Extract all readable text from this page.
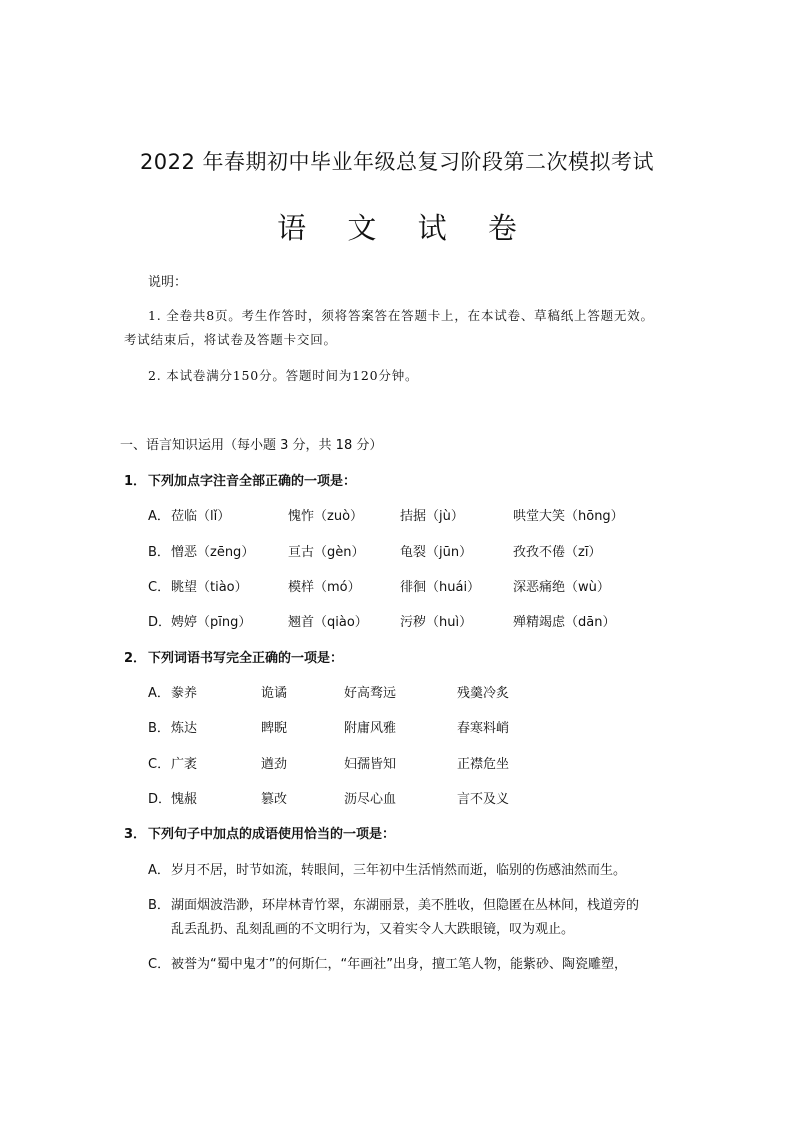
2022 年春期初中毕业年级总复习阶段第二次模拟考试
语 文 试 卷
说明：
1. 全卷共8页。考生作答时，须将答案答在答题卡上，在本试卷、草稿纸上答题无效。
考试结束后，将试卷及答题卡交回。
2. 本试卷满分150分。答题时间为120分钟。
一、语言知识运用（每小题 3 分，共 18 分）
1． 下列加点字注音全部正确的一项是：
A． 莅临（lǐ）	愧怍（zuò）	拮据（jù）	哄堂大笑（hōng）
B． 憎恶（zēng）	亘古（gèn）	龟裂（jūn）	孜孜不倦（zī）
C． 眺望（tiào）	模样（mó）	徘徊（huái）	深恶痛绝（wù）
D． 娉婷（pīng）	翘首（qiào） 污秽（huì）	殚精竭虑（dān）
2． 下列词语书写完全正确的一项是：
A． 豢养	诡谲	好高骛远	残羹冷炙
B． 炼达	睥睨	附庸风雅	春寒料峭
C． 广袤	遒劲	妇孺皆知	正襟危坐
D． 愧赧	篡改	沥尽心血	言不及义
3． 下列句子中加点的成语使用恰当的一项是：
A． 岁月不居，时节如流，转眼间，三年初中生活悄然而逝，临别的伤感油然而生。
B． 湖面烟波浩渺，环岸林青竹翠，东湖丽景，美不胜收，但隐匿在丛林间，栈道旁的
乱丢乱扔、乱刻乱画的不文明行为，又着实令人大跌眼镜，叹为观止。
C． 被誉为“蜀中鬼才”的何斯仁，“年画社”出身，擅工笔人物，能紫砂、陶瓷雕塑，
